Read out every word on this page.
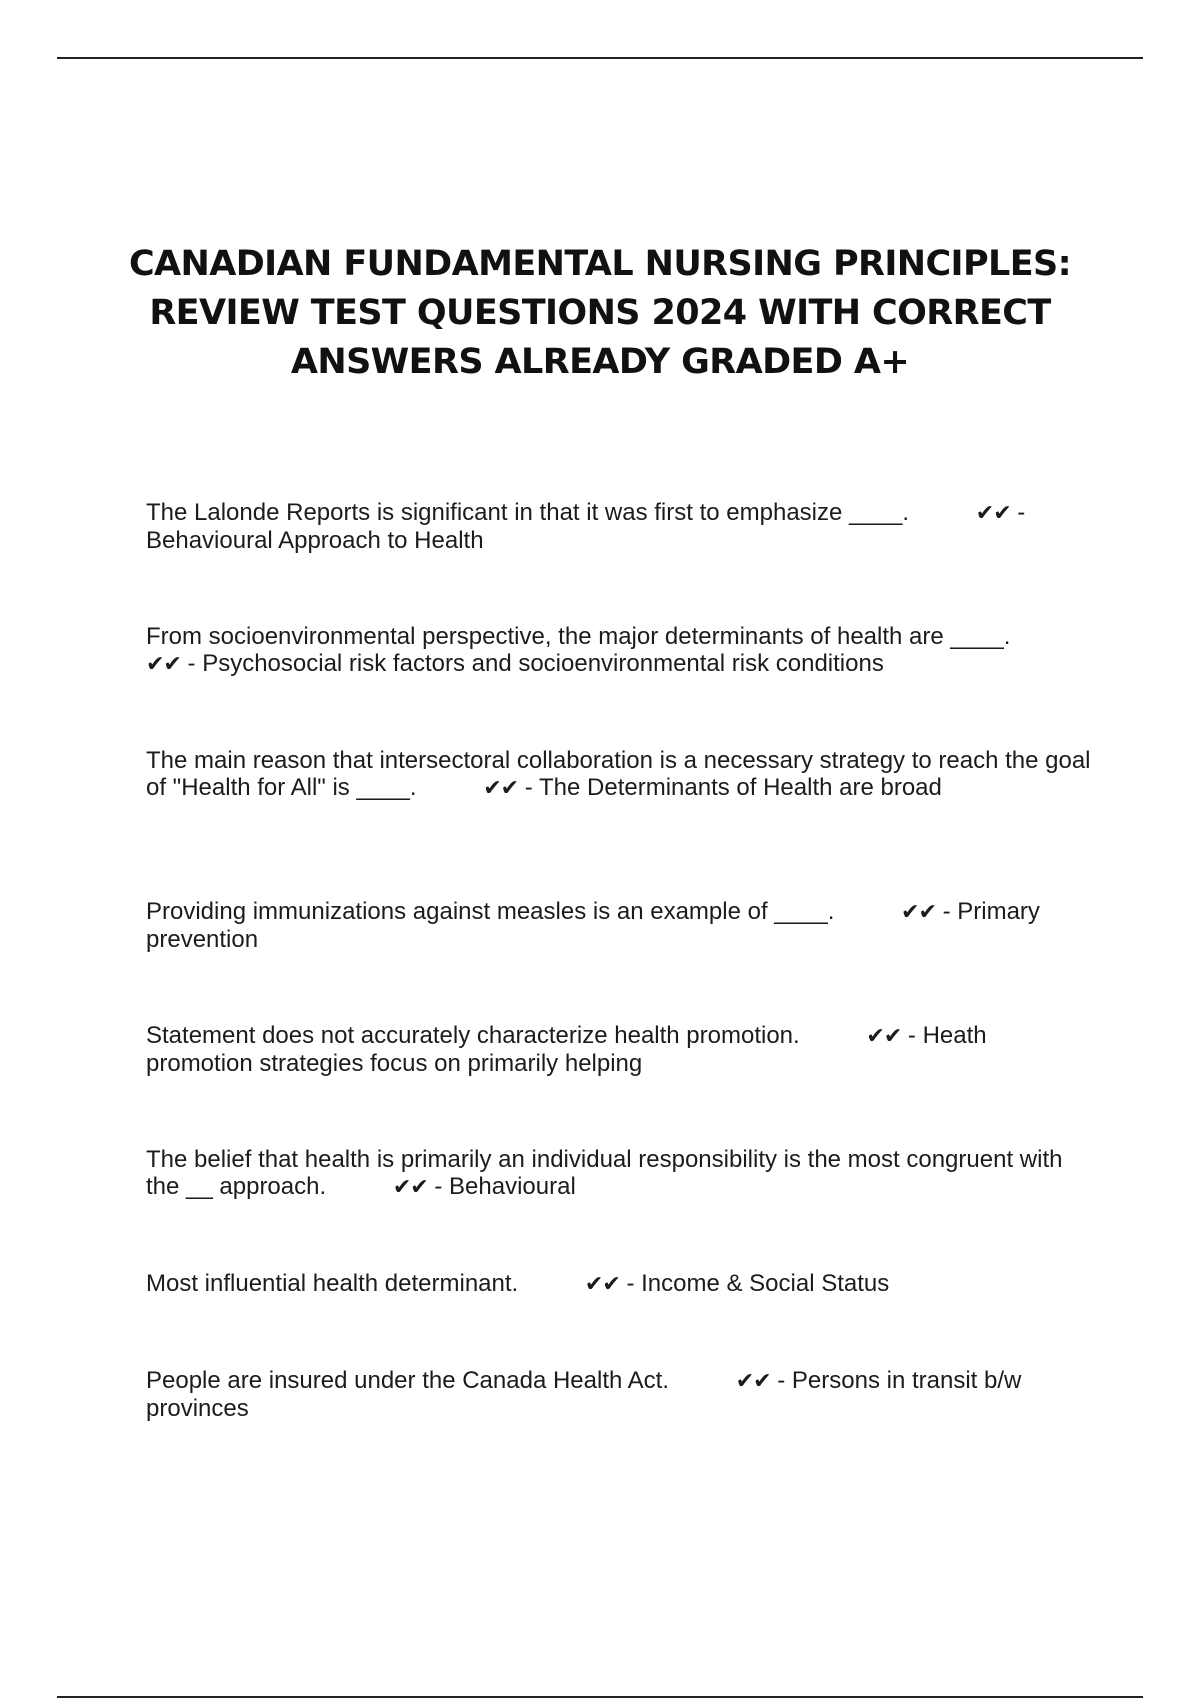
CANADIAN FUNDAMENTAL NURSING PRINCIPLES:
REVIEW TEST QUESTIONS 2024 WITH CORRECT
ANSWERS ALREADY GRADED A+
The Lalonde Reports is significant in that it was first to emphasize ____.	✔✔ - Behavioural Approach to Health
From socioenvironmental perspective, the major determinants of health are ____.          ✔✔ - Psychosocial risk factors and socioenvironmental risk conditions
The main reason that intersectoral collaboration is a necessary strategy to reach the goal of "Health for All" is ____.	✔✔ - The Determinants of Health are broad
Providing immunizations against measles is an example of ____.	✔✔ - Primary prevention
Statement does not accurately characterize health promotion.	✔✔ - Heath promotion strategies focus on primarily helping
The belief that health is primarily an individual responsibility is the most congruent with the __ approach.	✔✔ - Behavioural
Most influential health determinant.	✔✔ - Income & Social Status
People are insured under the Canada Health Act.	✔✔ - Persons in transit b/w provinces
